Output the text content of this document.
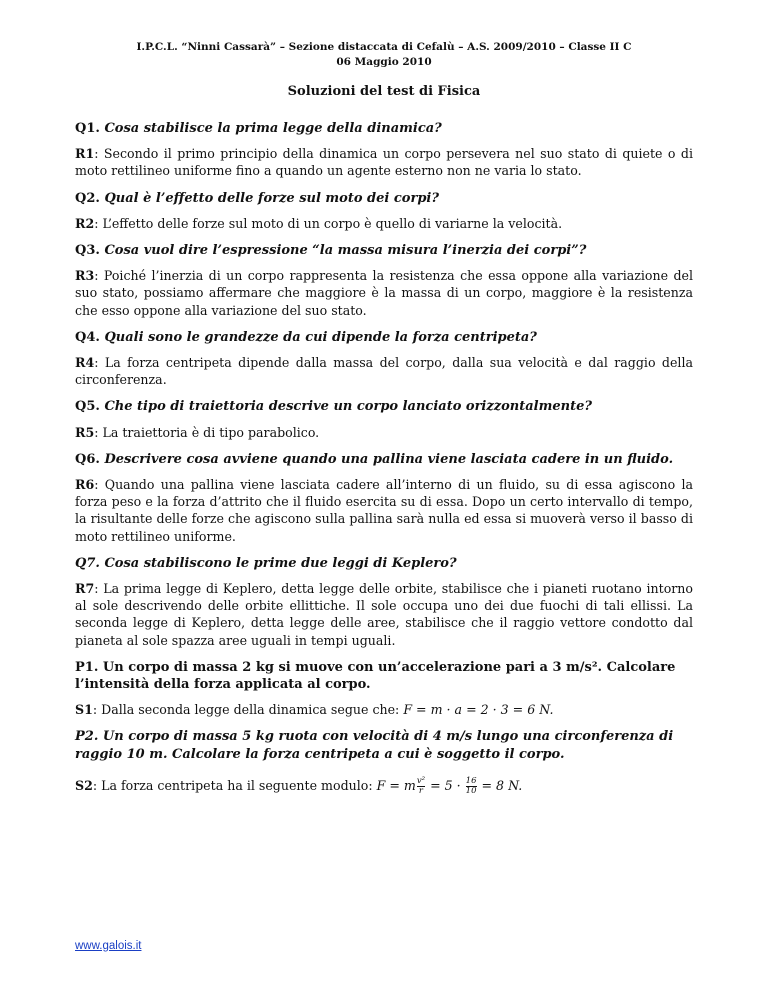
I.P.C.L. “Ninni Cassarà” – Sezione distaccata di Cefalù – A.S. 2009/2010 – Classe II C
06 Maggio 2010
Soluzioni del test di Fisica
Q1. Cosa stabilisce la prima legge della dinamica?
R1: Secondo il primo principio della dinamica un corpo persevera nel suo stato di quiete o di moto rettilineo uniforme fino a quando un agente esterno non ne varia lo stato.
Q2. Qual è l’effetto delle forze sul moto dei corpi?
R2: L’effetto delle forze sul moto di un corpo è quello di variarne la velocità.
Q3. Cosa vuol dire l’espressione “la massa misura l’inerzia dei corpi”?
R3: Poiché l’inerzia di un corpo rappresenta la resistenza che essa oppone alla variazione del suo stato, possiamo affermare che maggiore è la massa di un corpo, maggiore è la resistenza che esso oppone alla variazione del suo stato.
Q4. Quali sono le grandezze da cui dipende la forza centripeta?
R4: La forza centripeta dipende dalla massa del corpo, dalla sua velocità e dal raggio della circonferenza.
Q5. Che tipo di traiettoria descrive un corpo lanciato orizzontalmente?
R5: La traiettoria è di tipo parabolico.
Q6. Descrivere cosa avviene quando una pallina viene lasciata cadere in un fluido.
R6: Quando una pallina viene lasciata cadere all’interno di un fluido, su di essa agiscono la forza peso e la forza d’attrito che il fluido esercita su di essa. Dopo un certo intervallo di tempo, la risultante delle forze che agiscono sulla pallina sarà nulla ed essa si muoverà verso il basso di moto rettilineo uniforme.
Q7. Cosa stabiliscono le prime due leggi di Keplero?
R7: La prima legge di Keplero, detta legge delle orbite, stabilisce che i pianeti ruotano intorno al sole descrivendo delle orbite ellittiche. Il sole occupa uno dei due fuochi di tali ellissi. La seconda legge di Keplero, detta legge delle aree, stabilisce che il raggio vettore condotto dal pianeta al sole spazza aree uguali in tempi uguali.
P1. Un corpo di massa 2 kg si muove con un’accelerazione pari a 3 m/s². Calcolare l’intensità della forza applicata al corpo.
S1: Dalla seconda legge della dinamica segue che: F = m · a = 2 · 3 = 6 N.
P2. Un corpo di massa 5 kg ruota con velocità di 4 m/s lungo una circonferenza di raggio 10 m. Calcolare la forza centripeta a cui è soggetto il corpo.
S2: La forza centripeta ha il seguente modulo: F = m $\frac{\text{v²}}{r} = 5 \cdot \frac{16}{10} = 8$ N.
www.galois.it
